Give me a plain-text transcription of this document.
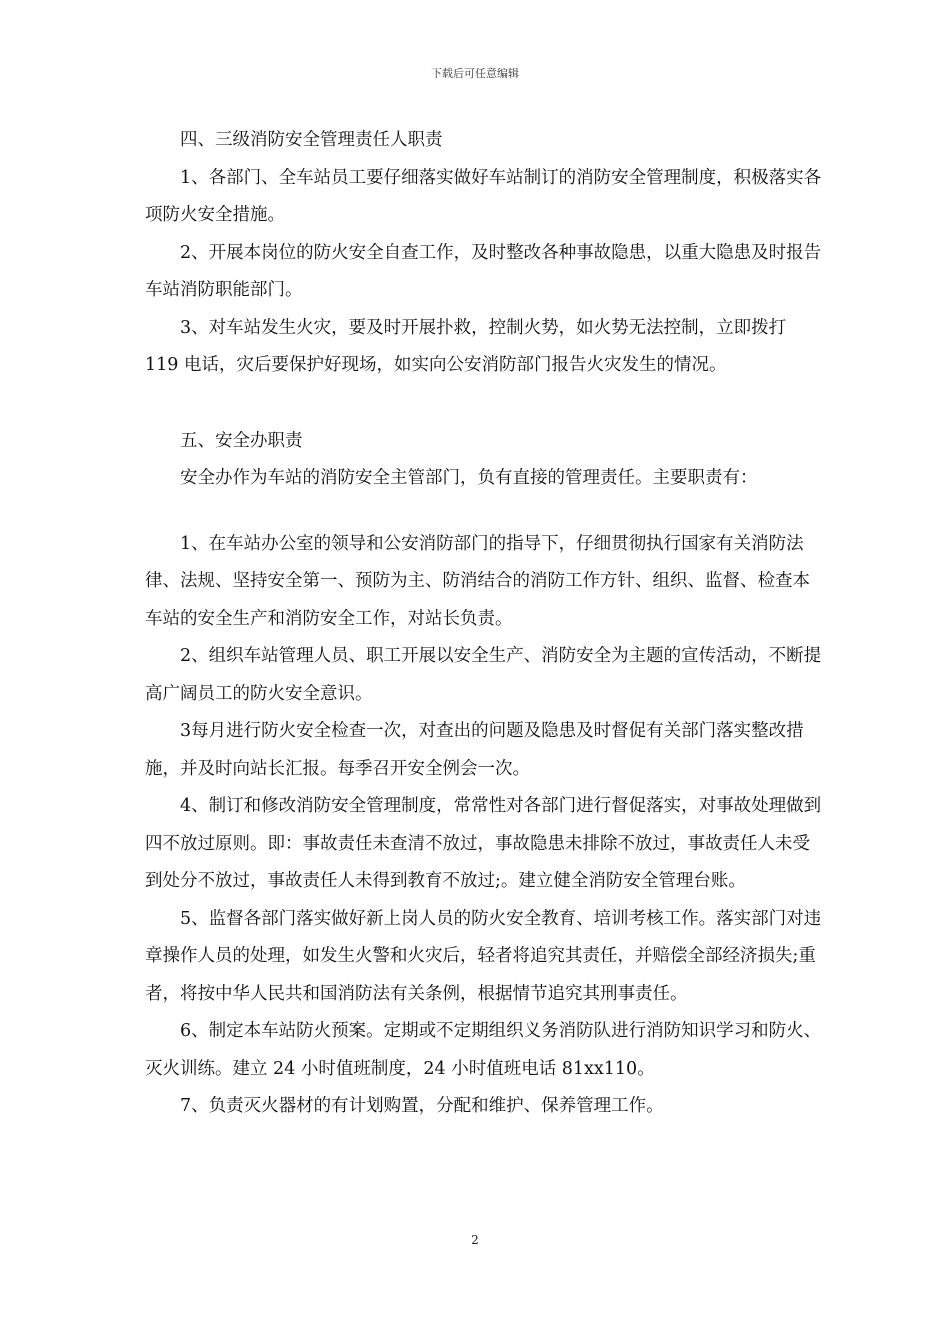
下载后可任意编辑

四、三级消防安全管理责任人职责

1、各部门、全车站员工要仔细落实做好车站制订的消防安全管理制度，积极落实各项防火安全措施。

2、开展本岗位的防火安全自查工作，及时整改各种事故隐患，以重大隐患及时报告车站消防职能部门。

3、对车站发生火灾，要及时开展扑救，控制火势，如火势无法控制，立即拨打 119 电话，灾后要保护好现场，如实向公安消防部门报告火灾发生的情况。

五、安全办职责

安全办作为车站的消防安全主管部门，负有直接的管理责任。主要职责有：

1、在车站办公室的领导和公安消防部门的指导下，仔细贯彻执行国家有关消防法律、法规、坚持安全第一、预防为主、防消结合的消防工作方针、组织、监督、检查本车站的安全生产和消防安全工作，对站长负责。

2、组织车站管理人员、职工开展以安全生产、消防安全为主题的宣传活动，不断提高广阔员工的防火安全意识。

3每月进行防火安全检查一次，对查出的问题及隐患及时督促有关部门落实整改措施，并及时向站长汇报。每季召开安全例会一次。

4、制订和修改消防安全管理制度，常常性对各部门进行督促落实，对事故处理做到四不放过原则。即：事故责任未查清不放过，事故隐患未排除不放过，事故责任人未受到处分不放过，事故责任人未得到教育不放过;。建立健全消防安全管理台账。

5、监督各部门落实做好新上岗人员的防火安全教育、培训考核工作。落实部门对违章操作人员的处理，如发生火警和火灾后，轻者将追究其责任，并赔偿全部经济损失;重者，将按中华人民共和国消防法有关条例，根据情节追究其刑事责任。

6、制定本车站防火预案。定期或不定期组织义务消防队进行消防知识学习和防火、灭火训练。建立 24 小时值班制度，24 小时值班电话 81xx110。

7、负责灭火器材的有计划购置，分配和维护、保养管理工作。

2
